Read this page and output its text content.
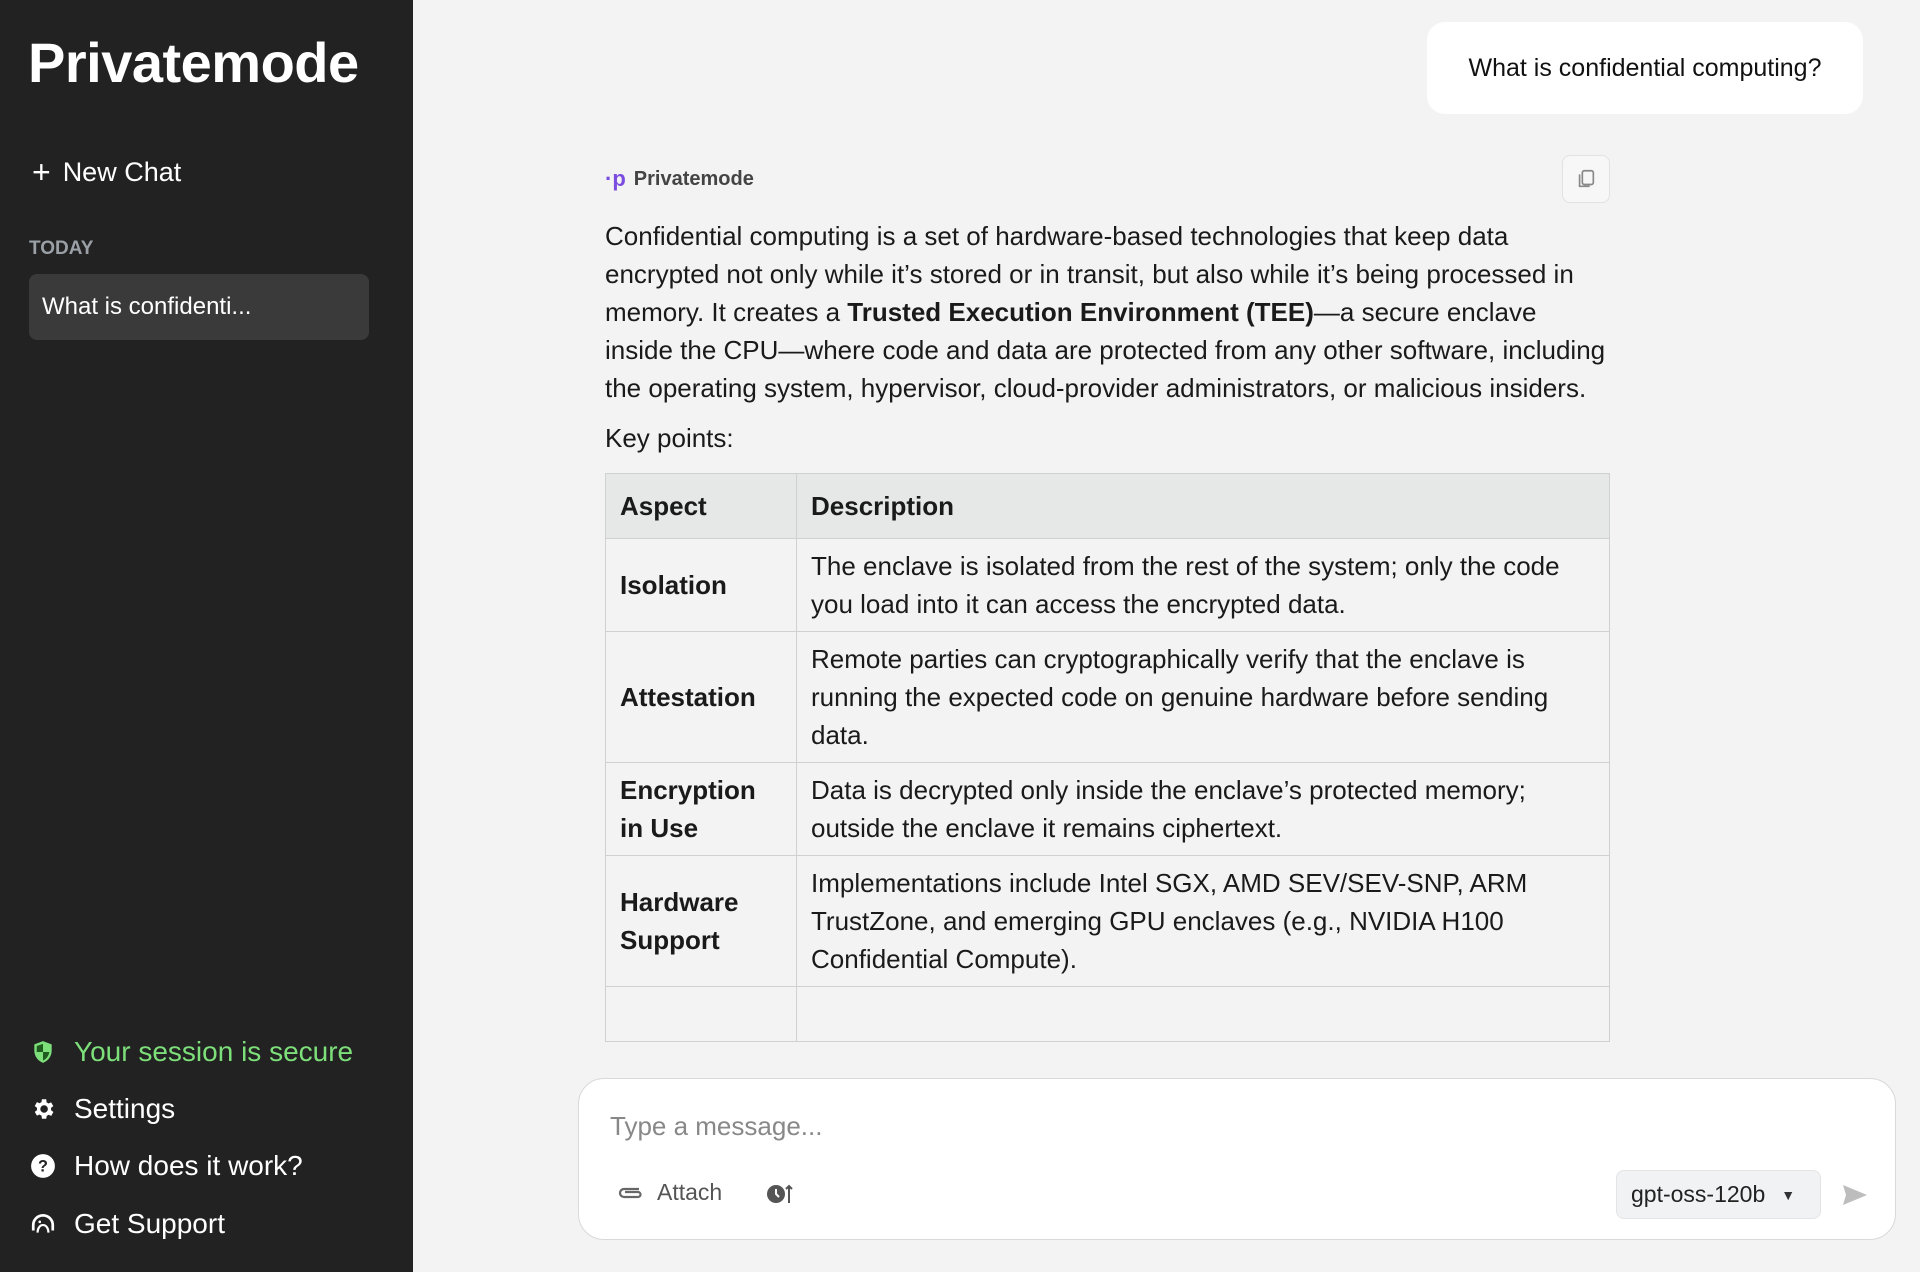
Privatemode
+ New Chat
TODAY
What is confidenti...
Your session is secure
Settings
? How does it work?
Get Support
What is confidential computing?
·p Privatemode

Confidential computing is a set of hardware-based technologies that keep data encrypted not only while it’s stored or in transit, but also while it’s being processed in memory. It creates a Trusted Execution Environment (TEE)—a secure enclave inside the CPU—where code and data are protected from any other software, including the operating system, hypervisor, cloud-provider administrators, or malicious insiders.

Key points:

Aspect	Description
Isolation	The enclave is isolated from the rest of the system; only the code you load into it can access the encrypted data.
Attestation	Remote parties can cryptographically verify that the enclave is running the expected code on genuine hardware before sending data.
Encryption in Use	Data is decrypted only inside the enclave’s protected memory; outside the enclave it remains ciphertext.
Hardware Support	Implementations include Intel SGX, AMD SEV/SEV-SNP, ARM TrustZone, and emerging GPU enclaves (e.g., NVIDIA H100 Confidential Compute).

Type a message...
Attach	gpt-oss-120b ▼
